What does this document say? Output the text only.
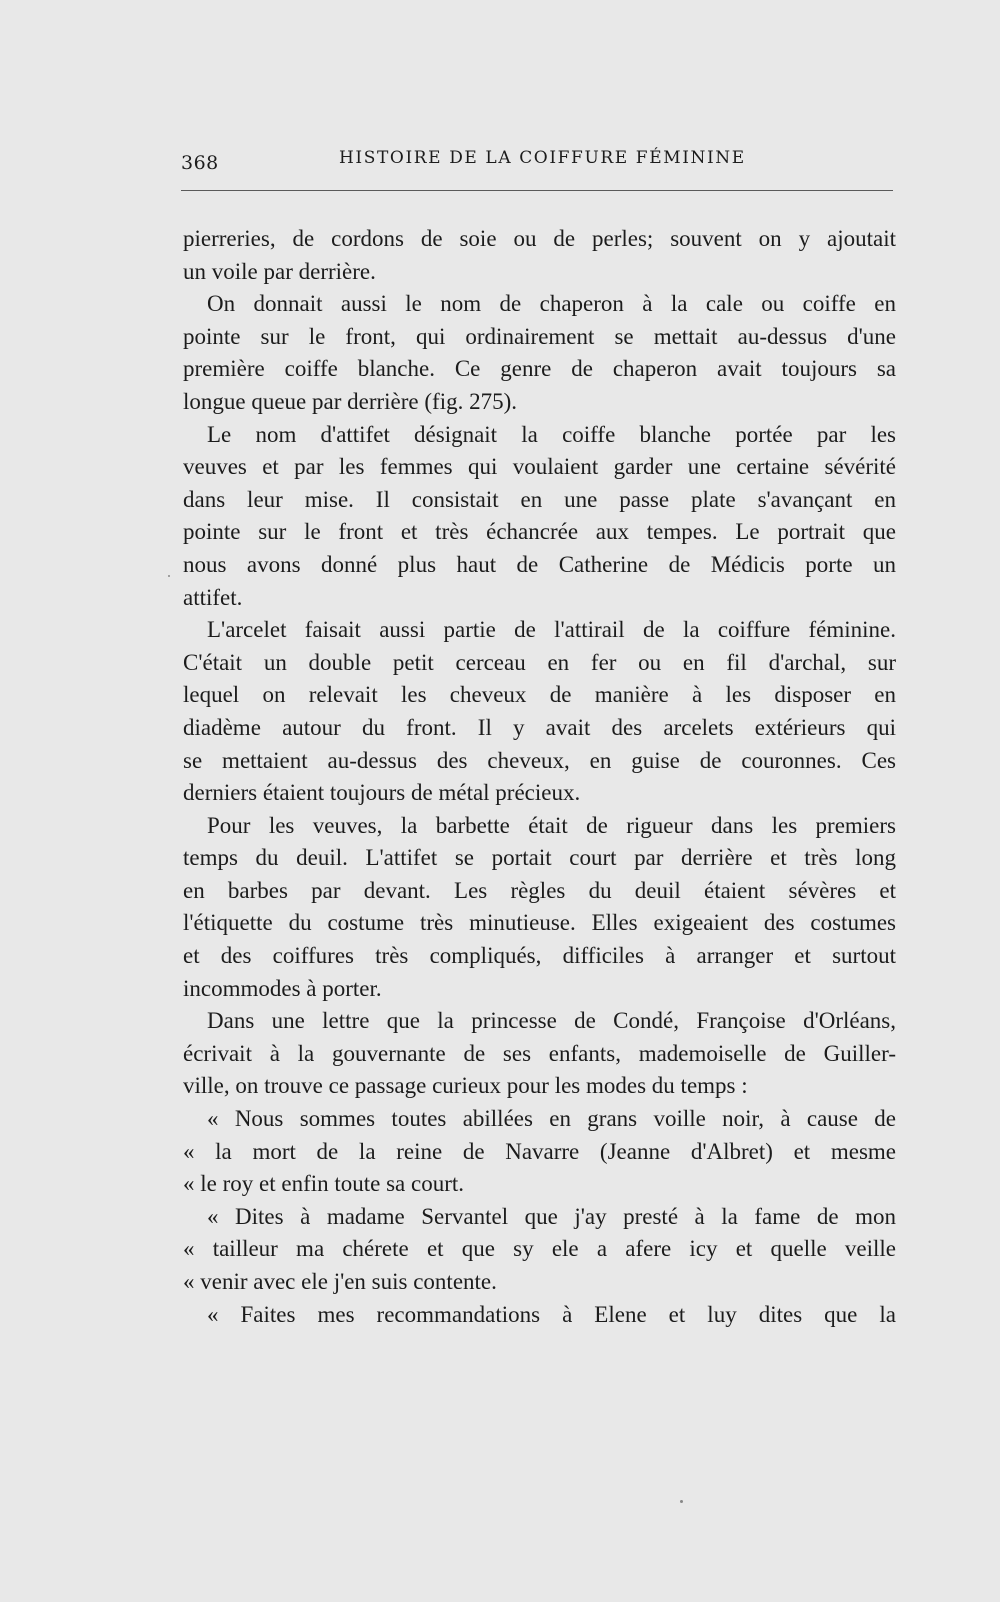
368	HISTOIRE DE LA COIFFURE FÉMININE
pierreries, de cordons de soie ou de perles; souvent on y ajoutait
un voile par derrière.
On donnait aussi le nom de chaperon à la cale ou coiffe en
pointe sur le front, qui ordinairement se mettait au-dessus d'une
première coiffe blanche. Ce genre de chaperon avait toujours sa
longue queue par derrière (fig. 275).
Le nom d'attifet désignait la coiffe blanche portée par les
veuves et par les femmes qui voulaient garder une certaine sévérité
dans leur mise. Il consistait en une passe plate s'avançant en
pointe sur le front et très échancrée aux tempes. Le portrait que
nous avons donné plus haut de Catherine de Médicis porte un
attifet.
L'arcelet faisait aussi partie de l'attirail de la coiffure féminine.
C'était un double petit cerceau en fer ou en fil d'archal, sur
lequel on relevait les cheveux de manière à les disposer en
diadème autour du front. Il y avait des arcelets extérieurs qui
se mettaient au-dessus des cheveux, en guise de couronnes. Ces
derniers étaient toujours de métal précieux.
Pour les veuves, la barbette était de rigueur dans les premiers
temps du deuil. L'attifet se portait court par derrière et très long
en barbes par devant. Les règles du deuil étaient sévères et
l'étiquette du costume très minutieuse. Elles exigeaient des costumes
et des coiffures très compliqués, difficiles à arranger et surtout
incommodes à porter.
Dans une lettre que la princesse de Condé, Françoise d'Orléans,
écrivait à la gouvernante de ses enfants, mademoiselle de Guiller-
ville, on trouve ce passage curieux pour les modes du temps :
« Nous sommes toutes abillées en grans voille noir, à cause de
« la mort de la reine de Navarre (Jeanne d'Albret) et mesme
« le roy et enfin toute sa court.
« Dites à madame Servantel que j'ay presté à la fame de mon
« tailleur ma chérete et que sy ele a afere icy et quelle veille
« venir avec ele j'en suis contente.
« Faites mes recommandations à Elene et luy dites que la
